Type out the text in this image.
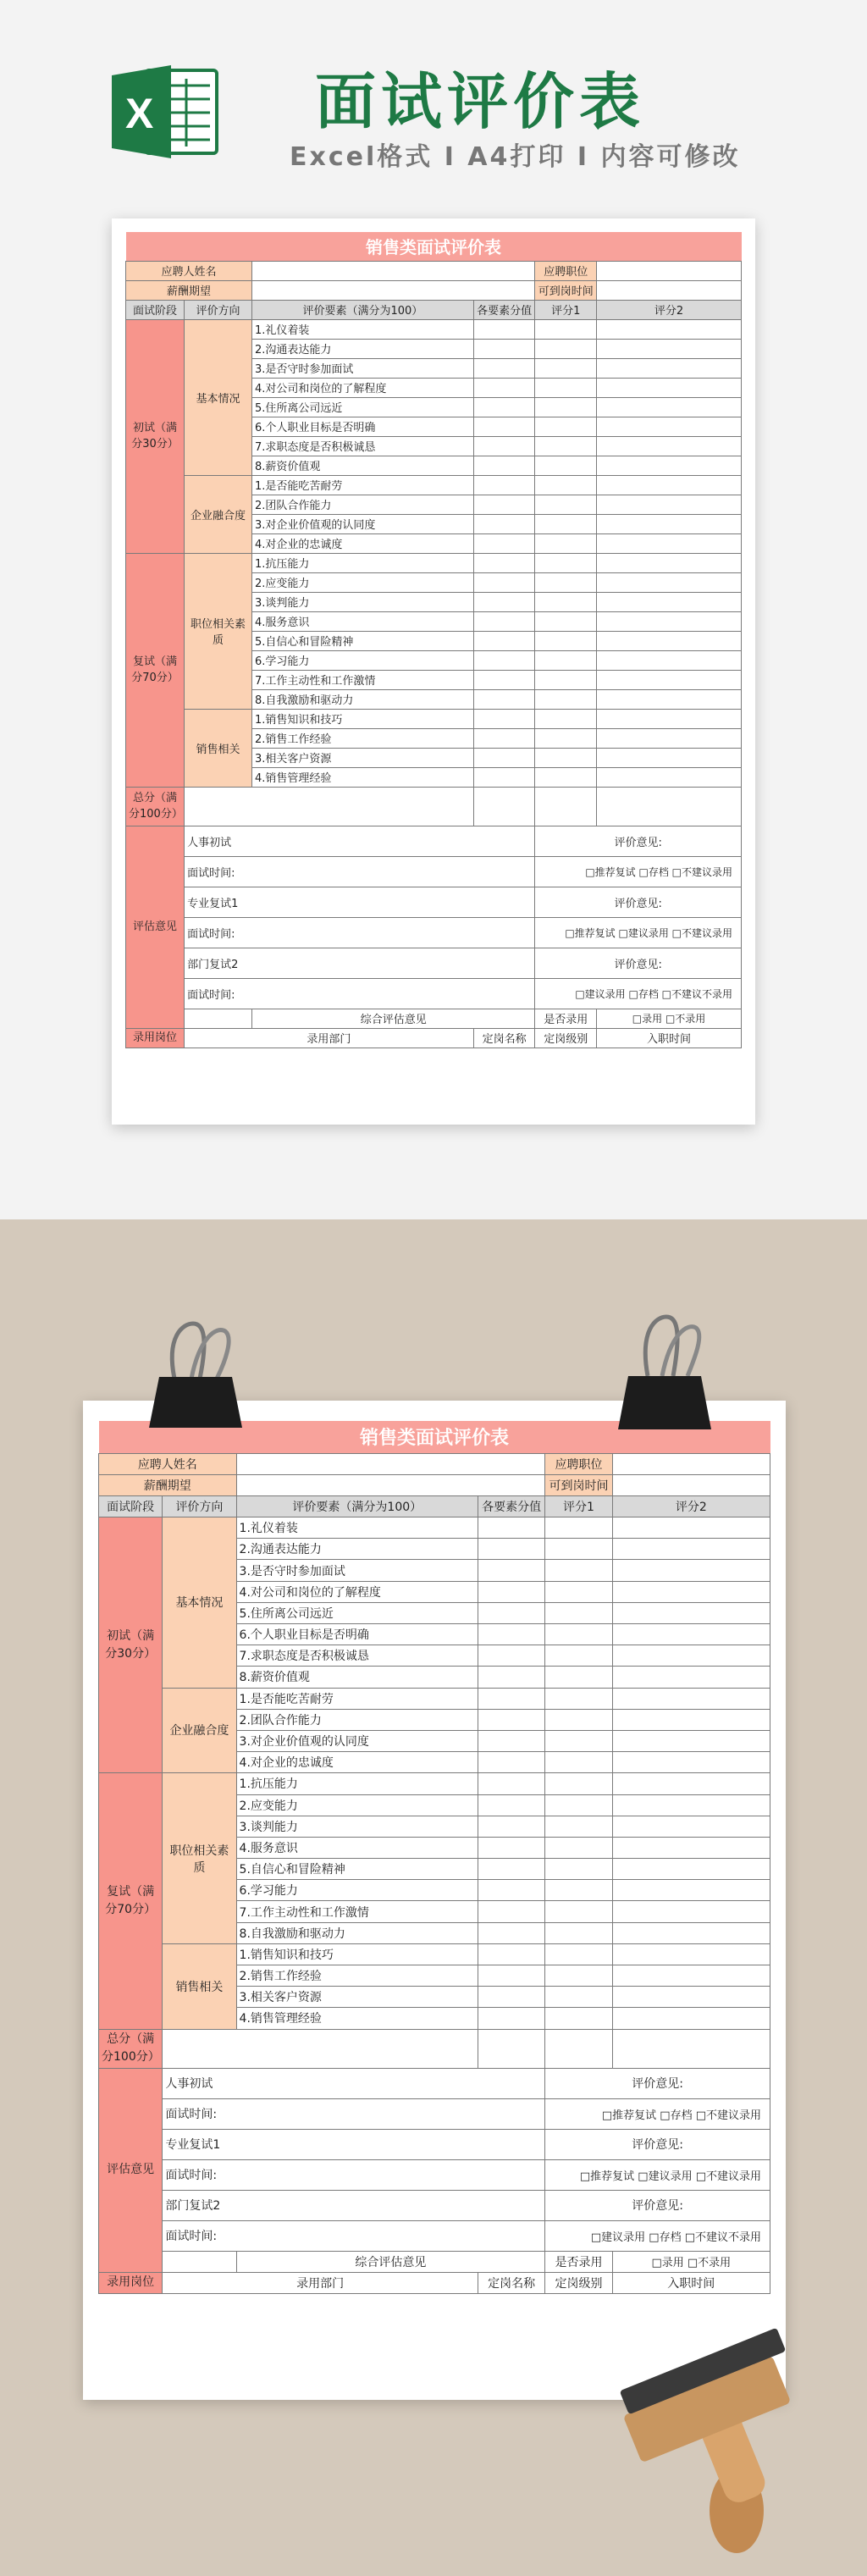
X	面试评价表
Excel格式 I A4打印 I 内容可修改
销售类面试评价表					
应聘人姓名				应聘职位	
薪酬期望				可到岗时间	
面试阶段	评价方向	评价要素（满分为100）	各要素分值	评分1	评分2
初试（满分30分）	基本情况	1.礼仪着装			
		2.沟通表达能力			
		3.是否守时参加面试			
		4.对公司和岗位的了解程度			
		5.住所离公司远近			
		6.个人职业目标是否明确			
		7.求职态度是否积极诚恳			
		8.薪资价值观			
	企业融合度	1.是否能吃苦耐劳			
		2.团队合作能力			
		3.对企业价值观的认同度			
		4.对企业的忠诚度			
复试（满分70分）	职位相关素质	1.抗压能力			
		2.应变能力			
		3.谈判能力			
		4.服务意识			
		5.自信心和冒险精神			
		6.学习能力			
		7.工作主动性和工作激情			
		8.自我激励和驱动力			
	销售相关	1.销售知识和技巧			
		2.销售工作经验			
		3.相关客户资源			
		4.销售管理经验			
总分（满分100分）					
评估意见	人事初试			评价意见:	
	面试时间:			□推荐复试 □存档 □不建议录用	
	专业复试1			评价意见:	
	面试时间:			□推荐复试 □建议录用 □不建议录用	
	部门复试2			评价意见:	
	面试时间:			□建议录用 □存档 □不建议不录用	
		综合评估意见		是否录用	□录用 □不录用
录用岗位	录用部门		定岗名称	定岗级别	入职时间
销售类面试评价表					
应聘人姓名				应聘职位	
薪酬期望				可到岗时间	
面试阶段	评价方向	评价要素（满分为100）	各要素分值	评分1	评分2
初试（满分30分）	基本情况	1.礼仪着装			
		2.沟通表达能力			
		3.是否守时参加面试			
		4.对公司和岗位的了解程度			
		5.住所离公司远近			
		6.个人职业目标是否明确			
		7.求职态度是否积极诚恳			
		8.薪资价值观			
	企业融合度	1.是否能吃苦耐劳			
		2.团队合作能力			
		3.对企业价值观的认同度			
		4.对企业的忠诚度			
复试（满分70分）	职位相关素质	1.抗压能力			
		2.应变能力			
		3.谈判能力			
		4.服务意识			
		5.自信心和冒险精神			
		6.学习能力			
		7.工作主动性和工作激情			
		8.自我激励和驱动力			
	销售相关	1.销售知识和技巧			
		2.销售工作经验			
		3.相关客户资源			
		4.销售管理经验			
总分（满分100分）					
评估意见	人事初试			评价意见:	
	面试时间:			□推荐复试 □存档 □不建议录用	
	专业复试1			评价意见:	
	面试时间:			□推荐复试 □建议录用 □不建议录用	
	部门复试2			评价意见:	
	面试时间:			□建议录用 □存档 □不建议不录用	
		综合评估意见		是否录用	□录用 □不录用
录用岗位	录用部门		定岗名称	定岗级别	入职时间
